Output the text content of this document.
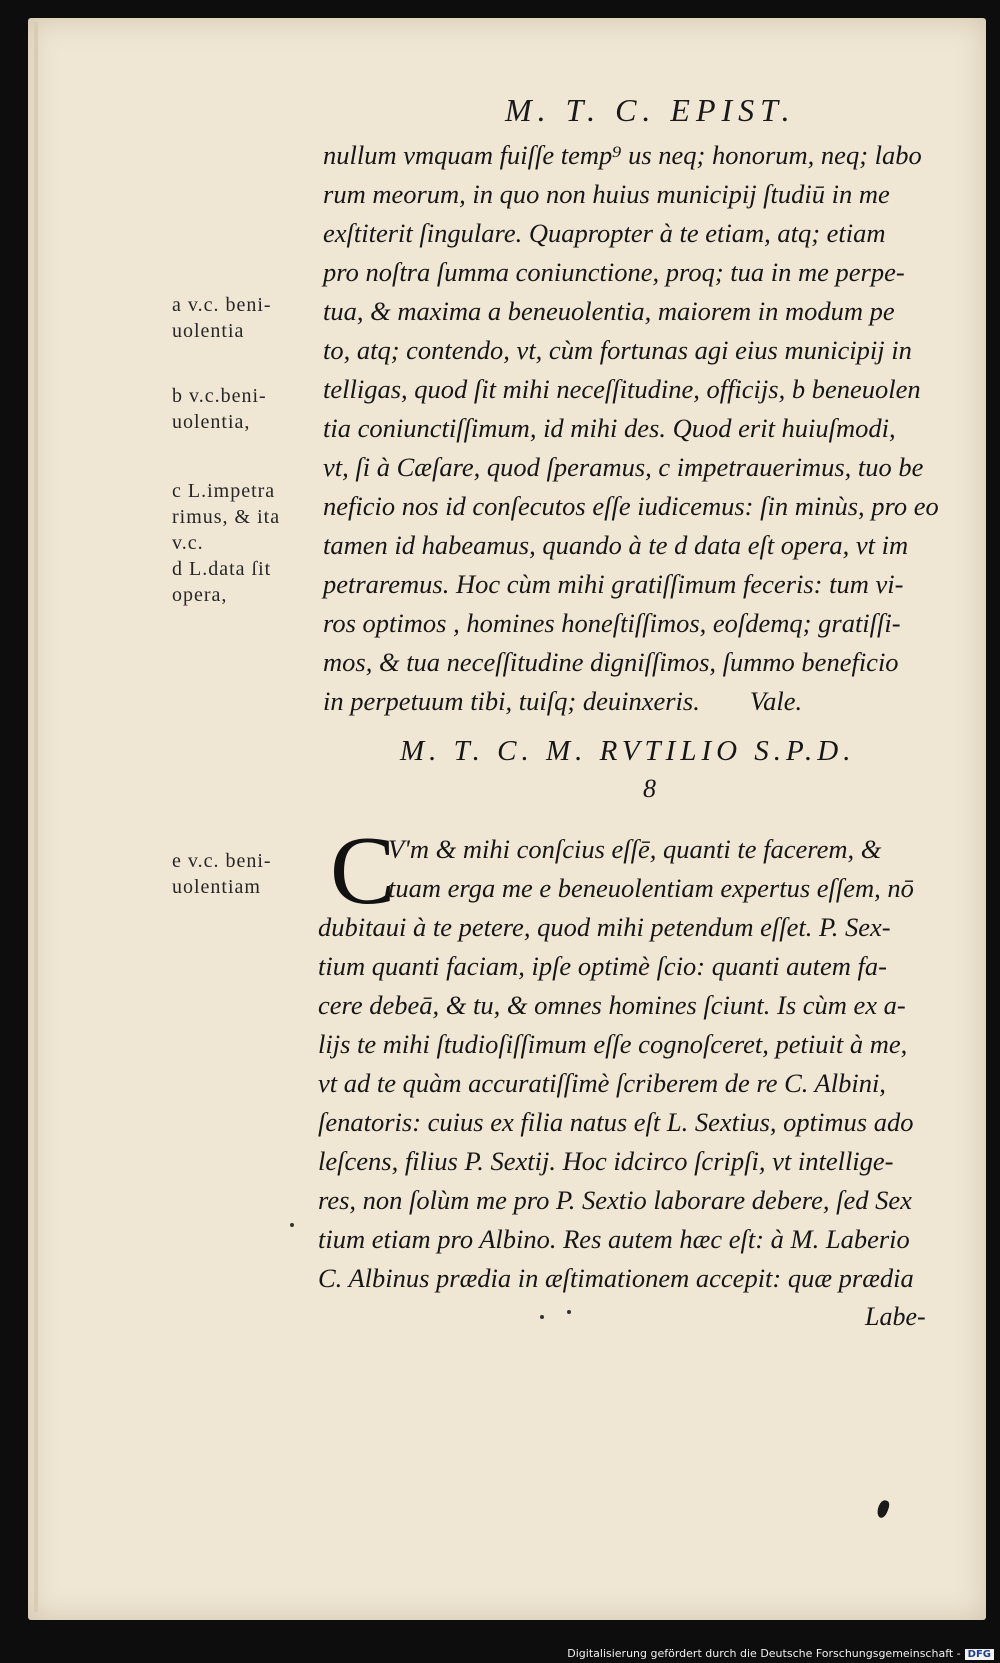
M. T. C. EPIST.
nullum vmquam fuiſſe temp⁹ us neq; honorum, neq; labo
rum meorum, in quo non huius municipij ſtudiū in me
exſtiterit ſingulare. Quapropter à te etiam, atq; etiam
pro noſtra ſumma coniunctione, proq; tua in me perpe-
tua, & maxima a beneuolentia, maiorem in modum pe
to, atq; contendo, vt, cùm fortunas agi eius municipij in
telligas, quod ſit mihi neceſſitudine, officijs, b beneuolen
tia coniunctiſſimum, id mihi des. Quod erit huiuſmodi,
vt, ſi à Cæſare, quod ſperamus, c impetrauerimus, tuo be
neficio nos id conſecutos eſſe iudicemus: ſin minùs, pro eo
tamen id habeamus, quando à te d data eſt opera, vt im
petraremus. Hoc cùm mihi gratiſſimum feceris: tum vi-
ros optimos , homines honeſtiſſimos, eoſdemq; gratiſſi-
mos, & tua neceſſitudine digniſſimos, ſummo beneficio
in perpetuum tibi, tuiſq; deuinxeris. Vale.
M. T. C. M. RVTILIO S.P.D.
8
C
V'm & mihi conſcius eſſē, quanti te facerem, &
tuam erga me e beneuolentiam expertus eſſem, nō
dubitaui à te petere, quod mihi petendum eſſet. P. Sex-
tium quanti faciam, ipſe optimè ſcio: quanti autem fa-
cere debeā, & tu, & omnes homines ſciunt. Is cùm ex a-
lijs te mihi ſtudioſiſſimum eſſe cognoſceret, petiuit à me,
vt ad te quàm accuratiſſimè ſcriberem de re C. Albini,
ſenatoris: cuius ex filia natus eſt L. Sextius, optimus ado
leſcens, filius P. Sextij. Hoc idcirco ſcripſi, vt intellige-
res, non ſolùm me pro P. Sextio laborare debere, ſed Sex
tium etiam pro Albino. Res autem hæc eſt: à M. Laberio
C. Albinus prædia in æſtimationem accepit: quæ prædia
Labe-
a v.c. beni-
uolentia
b v.c.beni-
uolentia,
c L.impetra
rimus, & ita
v.c.
d L.data ſit
opera,
e v.c. beni-
uolentiam
Digitalisierung gefördert durch die Deutsche Forschungsgemeinschaft - DFG
